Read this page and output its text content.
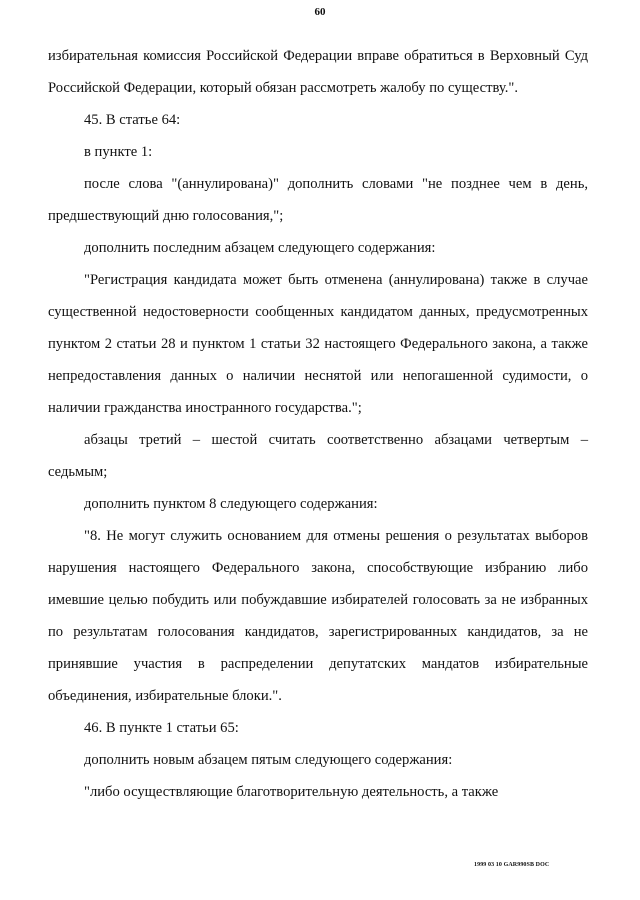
60

избирательная комиссия Российской Федерации вправе обратиться в Верховный Суд Российской Федерации, который обязан рассмотреть жалобу по существу.".

45. В статье 64:

в пункте 1:

после слова "(аннулирована)" дополнить словами "не позднее чем в день, предшествующий дню голосования,";

дополнить последним абзацем следующего содержания:

"Регистрация кандидата может быть отменена (аннулирована) также в случае существенной недостоверности сообщенных кандидатом данных, предусмотренных пунктом 2 статьи 28 и пунктом 1 статьи 32 настоящего Федерального закона, а также непредоставления данных о наличии неснятой или непогашенной судимости, о наличии гражданства иностранного государства.";

абзацы третий – шестой считать соответственно абзацами четвертым – седьмым;

дополнить пунктом 8 следующего содержания:

"8. Не могут служить основанием для отмены решения о результатах выборов нарушения настоящего Федерального закона, способствующие избранию либо имевшие целью побудить или побуждавшие избирателей голосовать за не избранных по результатам голосования кандидатов, зарегистрированных кандидатов, за не принявшие участия в распределении депутатских мандатов избирательные объединения, избирательные блоки.".

46. В пункте 1 статьи 65:

дополнить новым абзацем пятым следующего содержания:

"либо осуществляющие благотворительную деятельность, а также

1999 03 10 GAR990SB DOC
